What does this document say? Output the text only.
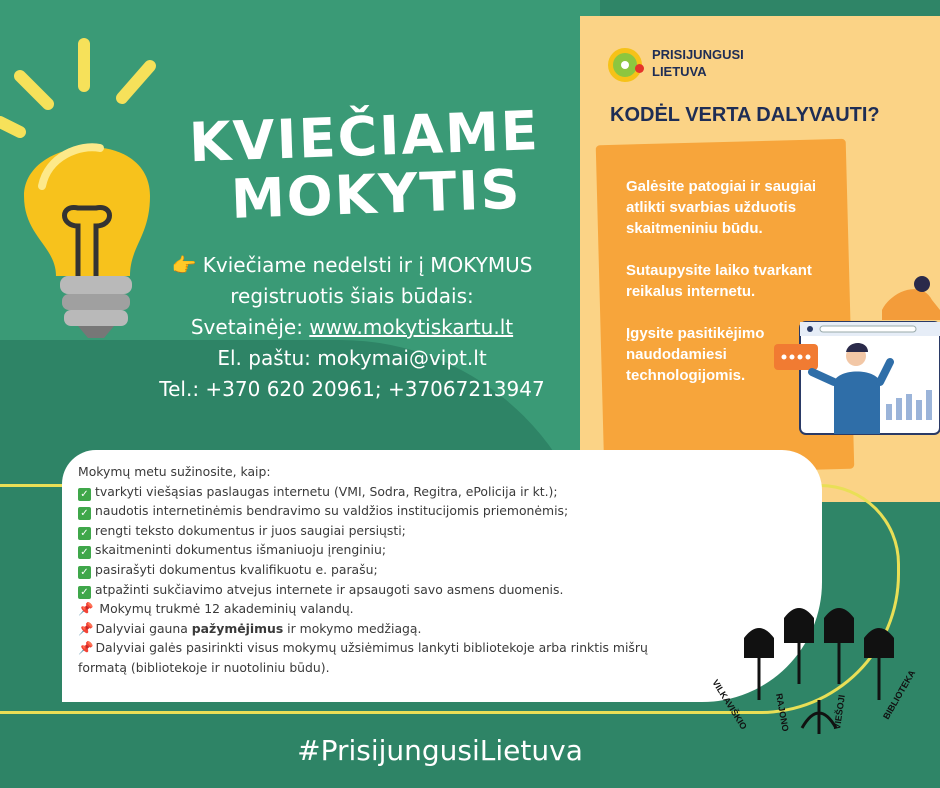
KVIEČIAME
MOKYTIS
👉 Kviečiame nedelsti ir į MOKYMUS
registruotis šiais būdais:
Svetainėje: www.mokytiskartu.lt
El. paštu: mokymai@vipt.lt
Tel.: +370 620 20961; +37067213947
PRISIJUNGUSI
LIETUVA
KODĖL VERTA DALYVAUTI?

Galėsite patogiai ir saugiai atlikti svarbias užduotis skaitmeniniu būdu.

Sutaupysite laiko tvarkant reikalus internetu.

Įgysite pasitikėjimo naudodamiesi technologijomis.

Mokymų metu sužinosite, kaip:
✓ tvarkyti viešąsias paslaugas internetu (VMI, Sodra, Regitra, ePolicija ir kt.);
✓ naudotis internetinėmis bendravimo su valdžios institucijomis priemonėmis;
✓ rengti teksto dokumentus ir juos saugiai persiųsti;
✓ skaitmeninti dokumentus išmaniuoju įrenginiu;
✓ pasirašyti dokumentus kvalifikuotu e. parašu;
✓ atpažinti sukčiavimo atvejus internete ir apsaugoti savo asmens duomenis.
📌 Mokymų trukmė 12 akademinių valandų.
📌 Dalyviai gauna pažymėjimus ir mokymo medžiagą.
📌 Dalyviai galės pasirinkti visus mokymų užsiėmimus lankyti bibliotekoje arba rinktis mišrų formatą (bibliotekoje ir nuotoliniu būdu).
VILKAVIŠKIO	RAJONO	VIEŠOJI	BIBLIOTEKA
#PrisijungusiLietuva
